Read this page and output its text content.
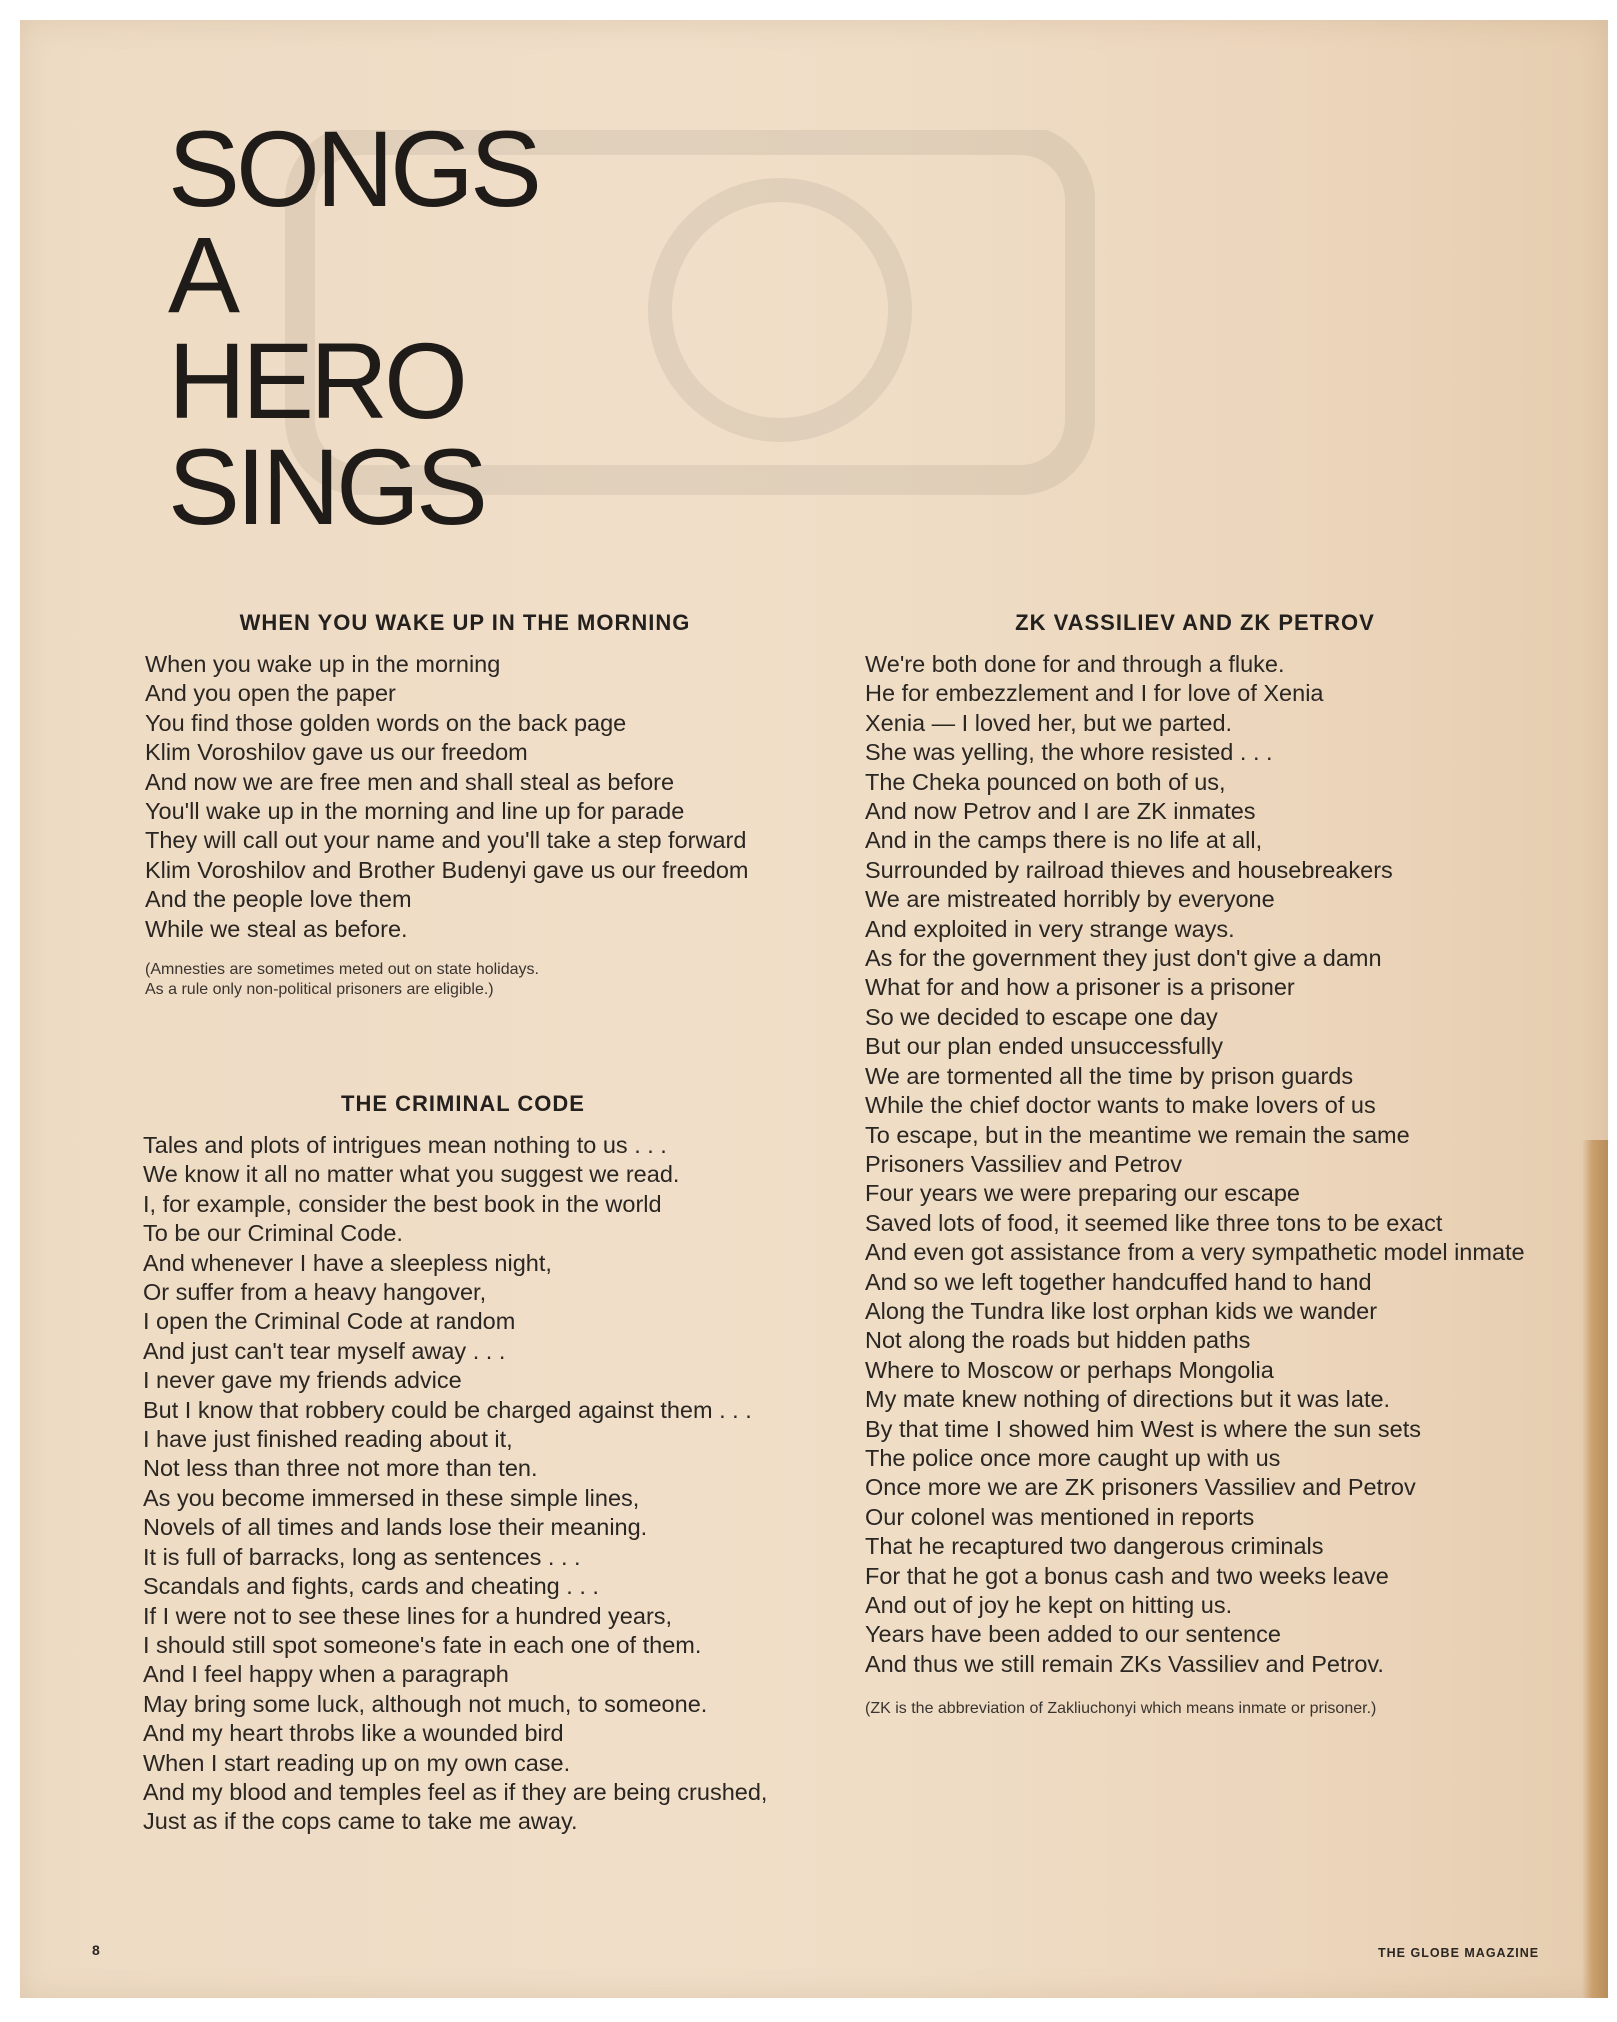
SONGS
A
HERO
SINGS
WHEN YOU WAKE UP IN THE MORNING
When you wake up in the morning
And you open the paper
You find those golden words on the back page
Klim Voroshilov gave us our freedom
And now we are free men and shall steal as before
You'll wake up in the morning and line up for parade
They will call out your name and you'll take a step forward
Klim Voroshilov and Brother Budenyi gave us our freedom
And the people love them
While we steal as before.
(Amnesties are sometimes meted out on state holidays.
As a rule only non-political prisoners are eligible.)
THE CRIMINAL CODE
Tales and plots of intrigues mean nothing to us . . .
We know it all no matter what you suggest we read.
I, for example, consider the best book in the world
To be our Criminal Code.
And whenever I have a sleepless night,
Or suffer from a heavy hangover,
I open the Criminal Code at random
And just can't tear myself away . . .
I never gave my friends advice
But I know that robbery could be charged against them . . .
I have just finished reading about it,
Not less than three not more than ten.
As you become immersed in these simple lines,
Novels of all times and lands lose their meaning.
It is full of barracks, long as sentences . . .
Scandals and fights, cards and cheating . . .
If I were not to see these lines for a hundred years,
I should still spot someone's fate in each one of them.
And I feel happy when a paragraph
May bring some luck, although not much, to someone.
And my heart throbs like a wounded bird
When I start reading up on my own case.
And my blood and temples feel as if they are being crushed,
Just as if the cops came to take me away.
ZK VASSILIEV AND ZK PETROV
We're both done for and through a fluke.
He for embezzlement and I for love of Xenia
Xenia — I loved her, but we parted.
She was yelling, the whore resisted . . .
The Cheka pounced on both of us,
And now Petrov and I are ZK inmates
And in the camps there is no life at all,
Surrounded by railroad thieves and housebreakers
We are mistreated horribly by everyone
And exploited in very strange ways.
As for the government they just don't give a damn
What for and how a prisoner is a prisoner
So we decided to escape one day
But our plan ended unsuccessfully
We are tormented all the time by prison guards
While the chief doctor wants to make lovers of us
To escape, but in the meantime we remain the same
Prisoners Vassiliev and Petrov
Four years we were preparing our escape
Saved lots of food, it seemed like three tons to be exact
And even got assistance from a very sympathetic model inmate
And so we left together handcuffed hand to hand
Along the Tundra like lost orphan kids we wander
Not along the roads but hidden paths
Where to Moscow or perhaps Mongolia
My mate knew nothing of directions but it was late.
By that time I showed him West is where the sun sets
The police once more caught up with us
Once more we are ZK prisoners Vassiliev and Petrov
Our colonel was mentioned in reports
That he recaptured two dangerous criminals
For that he got a bonus cash and two weeks leave
And out of joy he kept on hitting us.
Years have been added to our sentence
And thus we still remain ZKs Vassiliev and Petrov.
(ZK is the abbreviation of Zakliuchonyi which means inmate or prisoner.)
8	THE GLOBE MAGAZINE
